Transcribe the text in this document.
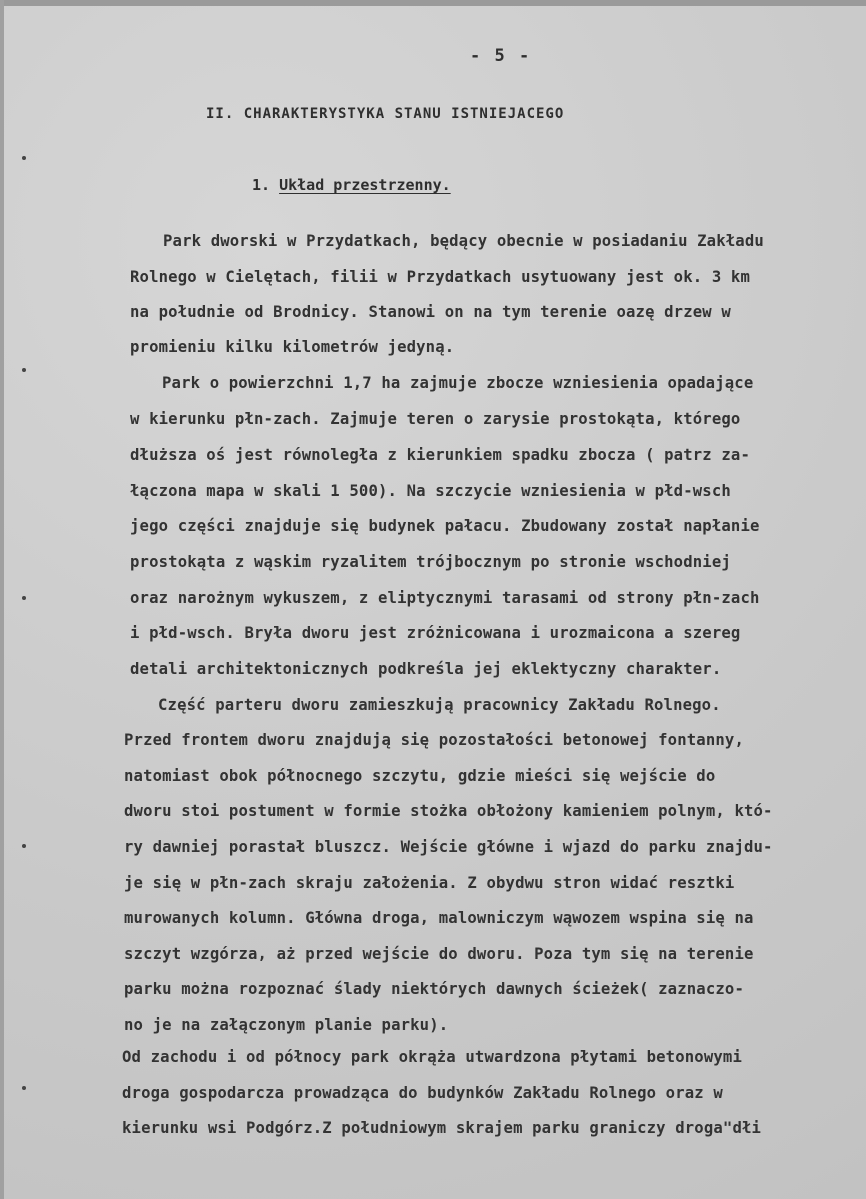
- 5 -
II. CHARAKTERYSTYKA STANU ISTNIEJACEGO
1. Układ przestrzenny.
Park dworski w Przydatkach, będący obecnie w posiadaniu Zakładu
Rolnego w Cielętach, filii w Przydatkach usytuowany jest ok. 3 km
na południe od Brodnicy. Stanowi on na tym terenie oazę drzew w
promieniu kilku kilometrów jedyną.
Park o powierzchni 1,7 ha zajmuje zbocze wzniesienia opadające
w kierunku płn-zach. Zajmuje teren o zarysie prostokąta, którego
dłuższa oś jest równoległa z kierunkiem spadku zbocza ( patrz za-
łączona mapa w skali 1 500). Na szczycie wzniesienia w płd-wsch
jego części znajduje się budynek pałacu. Zbudowany został napłanie
prostokąta z wąskim ryzalitem trójbocznym po stronie wschodniej
oraz narożnym wykuszem, z eliptycznymi tarasami od strony płn-zach
i płd-wsch. Bryła dworu jest zróżnicowana i urozmaicona a szereg
detali architektonicznych podkreśla jej eklektyczny charakter.
Część parteru dworu zamieszkują pracownicy Zakładu Rolnego.
Przed frontem dworu znajdują się pozostałości betonowej fontanny,
natomiast obok północnego szczytu, gdzie mieści się wejście do
dworu stoi postument w formie stożka obłożony kamieniem polnym, któ-
ry dawniej porastał bluszcz. Wejście główne i wjazd do parku znajdu-
je się w płn-zach skraju założenia. Z obydwu stron widać resztki
murowanych kolumn. Główna droga, malowniczym wąwozem wspina się na
szczyt wzgórza, aż przed wejście do dworu. Poza tym się na terenie
parku można rozpoznać ślady niektórych dawnych ścieżek( zaznaczo-
no je na załączonym planie parku).
Od zachodu i od północy park okrąża utwardzona płytami betonowymi
droga gospodarcza prowadząca do budynków Zakładu Rolnego oraz w
kierunku wsi Podgórz.Z południowym skrajem parku graniczy droga"dłi
